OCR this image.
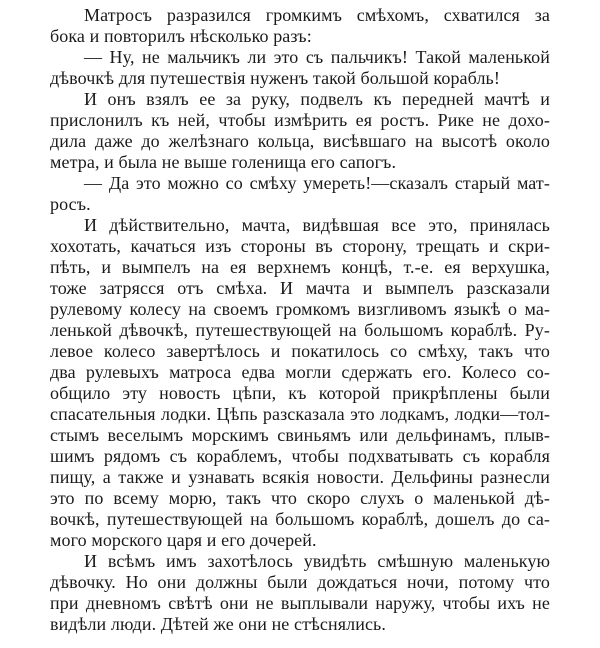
Матросъ разразился громкимъ смѣхомъ, схватился за
бока и повторилъ нѣсколько разъ:
— Ну, не мальчикъ ли это съ пальчикъ! Такой маленькой
дѣвочкѣ для путешествія нуженъ такой большой корабль!
И онъ взялъ ее за руку, подвелъ къ передней мачтѣ и
прислонилъ къ ней, чтобы измѣрить ея ростъ. Рике не дохо-
дила даже до желѣзнаго кольца, висѣвшаго на высотѣ около
метра, и была не выше голенища его сапогъ.
— Да это можно со смѣху умереть!—сказалъ старый мат-
росъ.
И дѣйствительно, мачта, видѣвшая все это, принялась
хохотать, качаться изъ стороны въ сторону, трещать и скри-
пѣть, и вымпелъ на ея верхнемъ концѣ, т.-е. ея верхушка,
тоже затрясся отъ смѣха. И мачта и вымпелъ разсказали
рулевому колесу на своемъ громкомъ визгливомъ языкѣ о ма-
ленькой дѣвочкѣ, путешествующей на большомъ кораблѣ. Ру-
левое колесо завертѣлось и покатилось со смѣху, такъ что
два рулевыхъ матроса едва могли сдержать его. Колесо со-
общило эту новость цѣпи, къ которой прикрѣплены были
спасательныя лодки. Цѣпь разсказала это лодкамъ, лодки—тол-
стымъ веселымъ морскимъ свиньямъ или дельфинамъ, плыв-
шимъ рядомъ съ кораблемъ, чтобы подхватывать съ корабля
пищу, а также и узнавать всякія новости. Дельфины разнесли
это по всему морю, такъ что скоро слухъ о маленькой дѣ-
вочкѣ, путешествующей на большомъ кораблѣ, дошелъ до са-
мого морского царя и его дочерей.
И всѣмъ имъ захотѣлось увидѣть смѣшную маленькую
дѣвочку. Но они должны были дождаться ночи, потому что
при дневномъ свѣтѣ они не выплывали наружу, чтобы ихъ не
видѣли люди. Дѣтей же они не стѣснялись.
